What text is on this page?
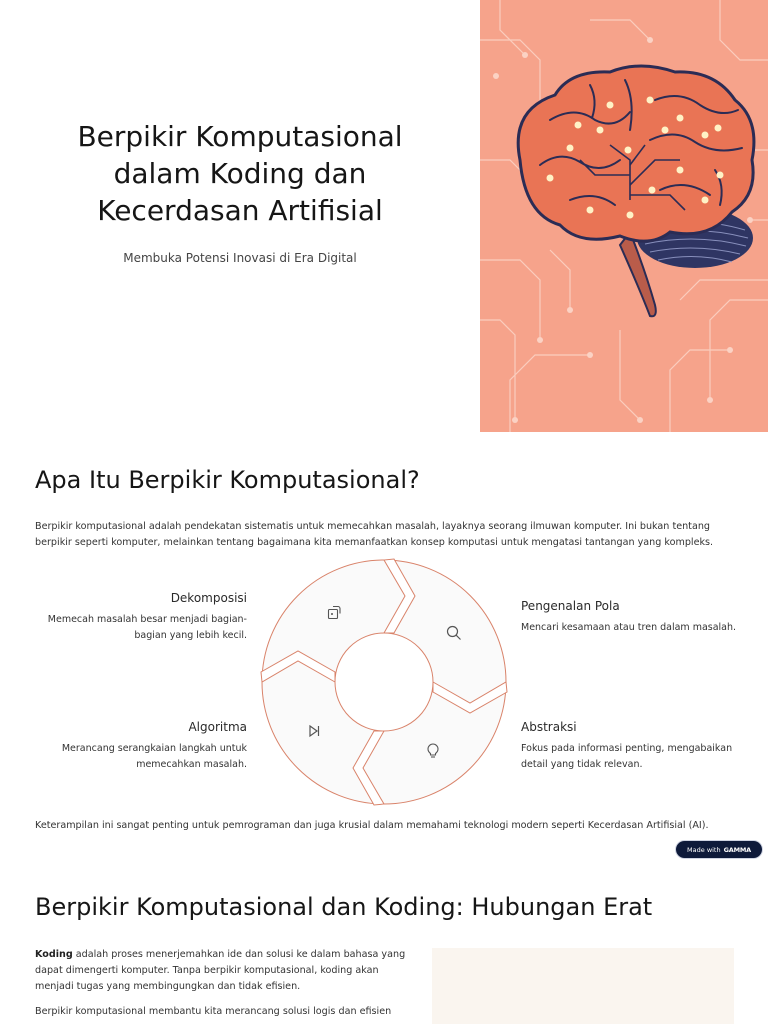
Berpikir Komputasional dalam Koding dan Kecerdasan Artifisial
Membuka Potensi Inovasi di Era Digital
Apa Itu Berpikir Komputasional?
Berpikir komputasional adalah pendekatan sistematis untuk memecahkan masalah, layaknya seorang ilmuwan komputer. Ini bukan tentang berpikir seperti komputer, melainkan tentang bagaimana kita memanfaatkan konsep komputasi untuk mengatasi tantangan yang kompleks.
Dekomposisi
Memecah masalah besar menjadi bagian-bagian yang lebih kecil.
Pengenalan Pola
Mencari kesamaan atau tren dalam masalah.
Algoritma
Merancang serangkaian langkah untuk memecahkan masalah.
Abstraksi
Fokus pada informasi penting, mengabaikan detail yang tidak relevan.
Keterampilan ini sangat penting untuk pemrograman dan juga krusial dalam memahami teknologi modern seperti Kecerdasan Artifisial (AI).
Made with GAMMA
Berpikir Komputasional dan Koding: Hubungan Erat

Koding adalah proses menerjemahkan ide dan solusi ke dalam bahasa yang dapat dimengerti komputer. Tanpa berpikir komputasional, koding akan menjadi tugas yang membingungkan dan tidak efisien.

Berpikir komputasional membantu kita merancang solusi logis dan efisien
